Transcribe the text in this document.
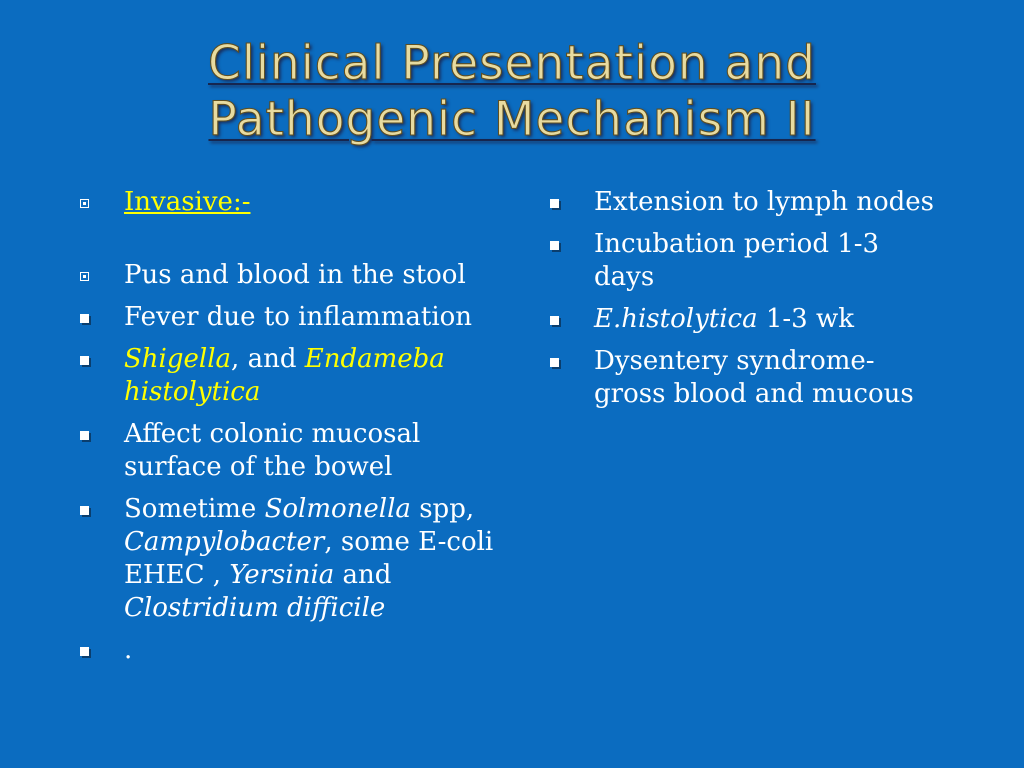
Clinical Presentation and
Pathogenic Mechanism II
Invasive:-
Pus and blood in the stool
Fever due to inflammation
Shigella, and Endameba histolytica
Affect colonic mucosal surface of the bowel
Sometime Solmonella spp, Campylobacter, some E-coli EHEC , Yersinia and Clostridium difficile
.
Extension to lymph nodes
Incubation period 1-3 days
E.histolytica 1-3 wk
Dysentery syndrome-gross blood and mucous
